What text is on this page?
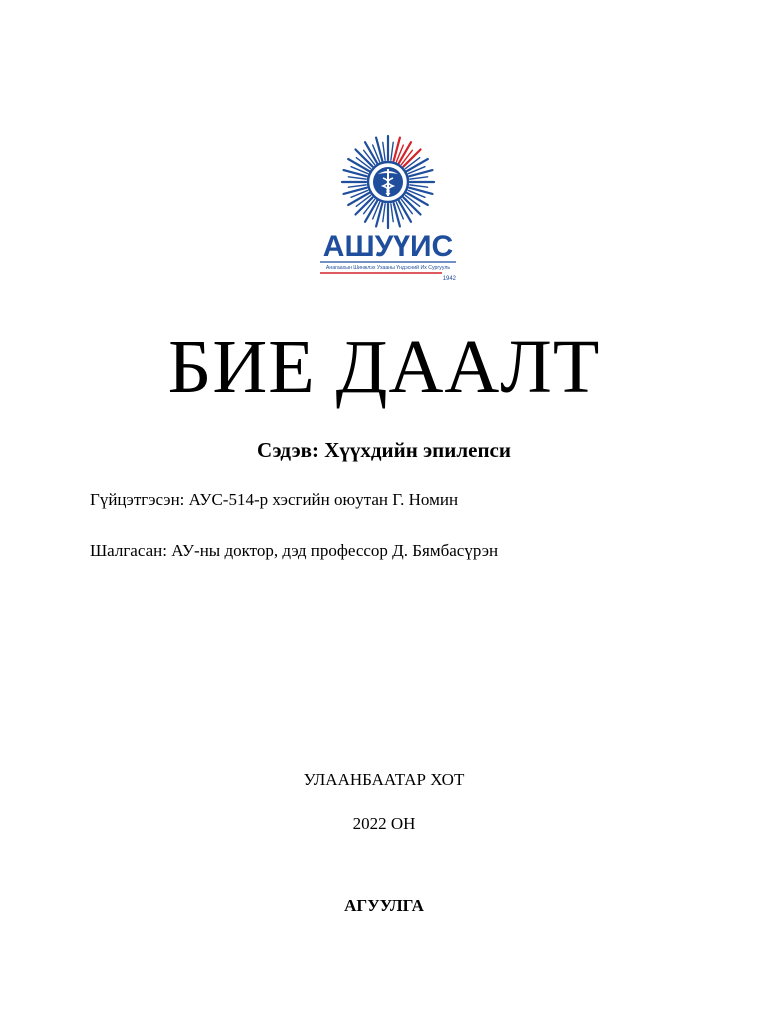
АШУҮИС
Анагаахын Шинжлэх Ухааны Үндэсний Их Сургууль
1942
БИЕ ДААЛТ
Сэдэв: Хүүхдийн эпилепси
Гүйцэтгэсэн: АУС-514-р хэсгийн оюутан Г. Номин
Шалгасан: АУ-ны доктор, дэд профессор Д. Бямбасүрэн
УЛААНБААТАР ХОТ
2022 ОН
АГУУЛГА
